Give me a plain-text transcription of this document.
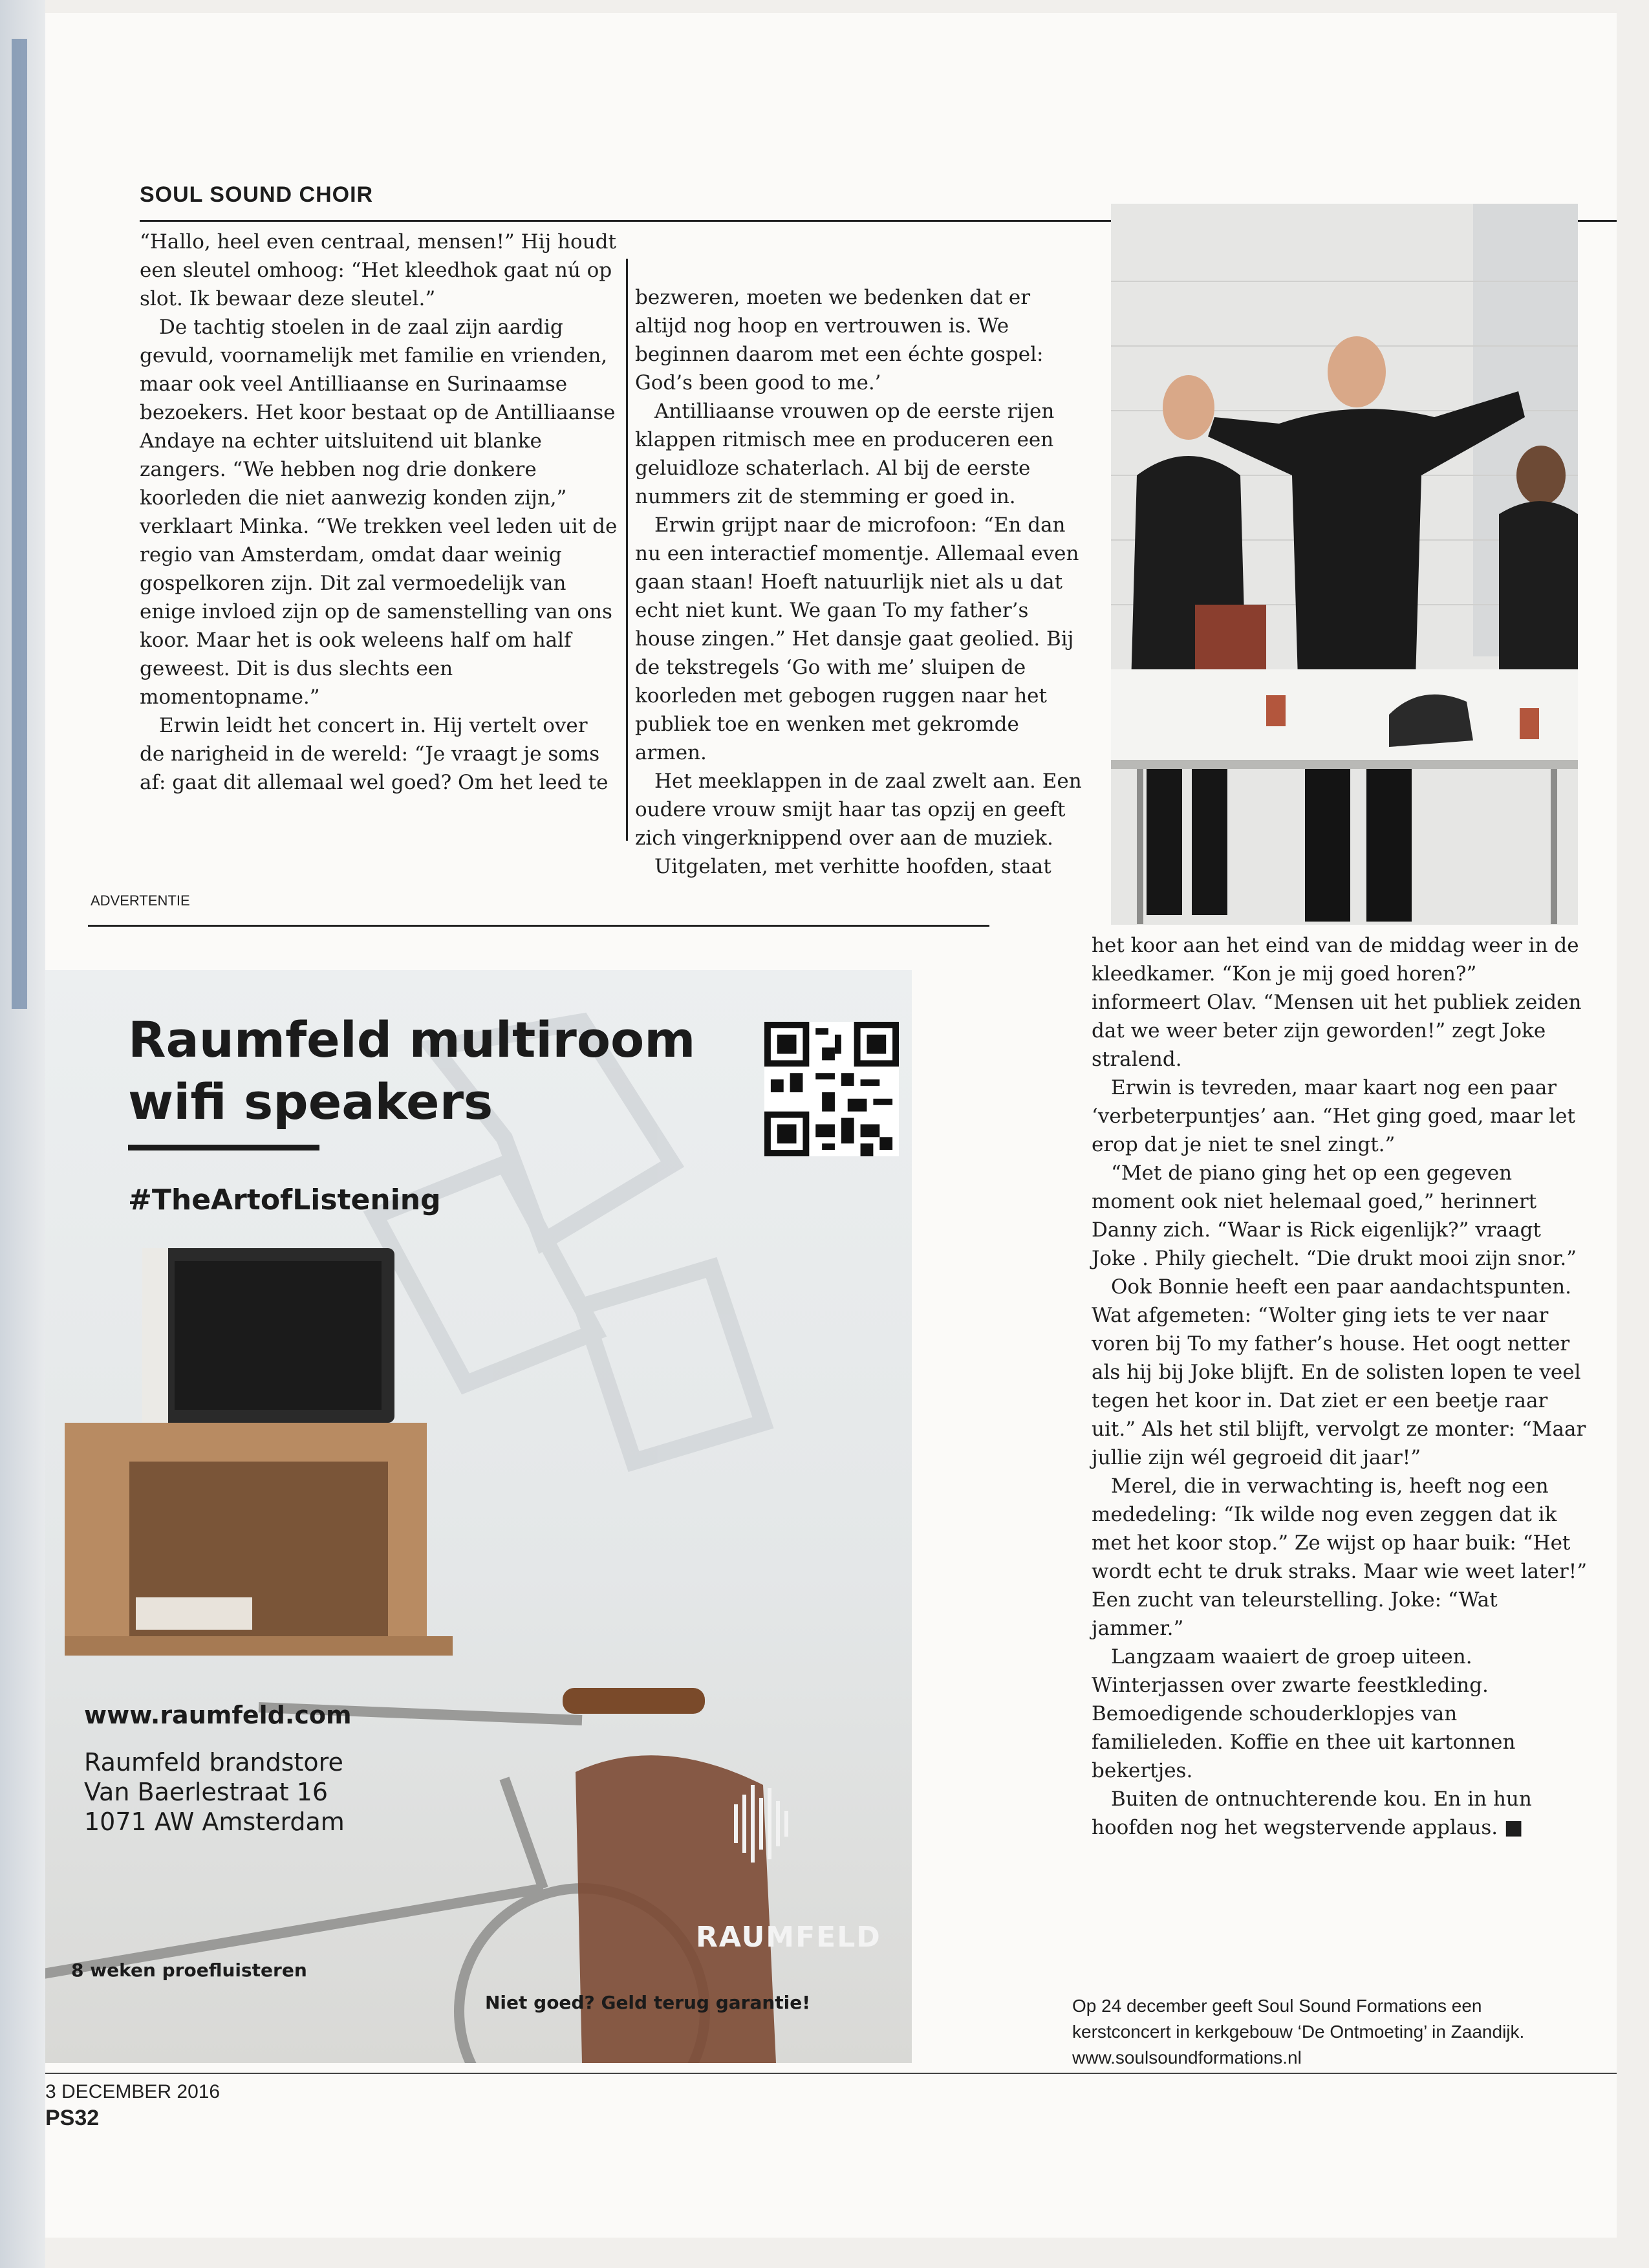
SOUL SOUND CHOIR

“Hallo, heel even centraal, mensen!” Hij houdt een sleutel omhoog: “Het kleedhok gaat nú op slot. Ik bewaar deze sleutel.”

De tachtig stoelen in de zaal zijn aardig gevuld, voornamelijk met familie en vrienden, maar ook veel Antilliaanse en Surinaamse bezoekers. Het koor bestaat op de Antilliaanse Andaye na echter uitsluitend uit blanke zangers. “We hebben nog drie donkere koorleden die niet aanwezig konden zijn,” verklaart Minka. “We trekken veel leden uit de regio van Amsterdam, omdat daar weinig gospelkoren zijn. Dit zal vermoedelijk van enige invloed zijn op de samenstelling van ons koor. Maar het is ook weleens half om half geweest. Dit is dus slechts een momentopname.”

Erwin leidt het concert in. Hij vertelt over de narigheid in de wereld: “Je vraagt je soms af: gaat dit allemaal wel goed? Om het leed te

bezweren, moeten we bedenken dat er altijd nog hoop en vertrouwen is. We beginnen daarom met een échte gospel: God’s been good to me.’

Antilliaanse vrouwen op de eerste rijen klappen ritmisch mee en produceren een geluidloze schaterlach. Al bij de eerste nummers zit de stemming er goed in.

Erwin grijpt naar de microfoon: “En dan nu een interactief momentje. Allemaal even gaan staan! Hoeft natuurlijk niet als u dat echt niet kunt. We gaan To my father’s house zingen.” Het dansje gaat geolied. Bij de tekstregels ‘Go with me’ sluipen de koorleden met gebogen ruggen naar het publiek toe en wenken met gekromde armen.

Het meeklappen in de zaal zwelt aan. Een oudere vrouw smijt haar tas opzij en geeft zich vingerknippend over aan de muziek.

Uitgelaten, met verhitte hoofden, staat

het koor aan het eind van de middag weer in de kleedkamer. “Kon je mij goed horen?” informeert Olav. “Mensen uit het publiek zeiden dat we weer beter zijn geworden!” zegt Joke stralend.

Erwin is tevreden, maar kaart nog een paar ‘verbeterpuntjes’ aan. “Het ging goed, maar let erop dat je niet te snel zingt.”

“Met de piano ging het op een gegeven moment ook niet helemaal goed,” herinnert Danny zich. “Waar is Rick eigenlijk?” vraagt Joke . Phily giechelt. “Die drukt mooi zijn snor.”

Ook Bonnie heeft een paar aandachtspunten. Wat afgemeten: “Wolter ging iets te ver naar voren bij To my father’s house. Het oogt netter als hij bij Joke blijft. En de solisten lopen te veel tegen het koor in. Dat ziet er een beetje raar uit.” Als het stil blijft, vervolgt ze monter: “Maar jullie zijn wél gegroeid dit jaar!”

Merel, die in verwachting is, heeft nog een mededeling: “Ik wilde nog even zeggen dat ik met het koor stop.” Ze wijst op haar buik: “Het wordt echt te druk straks. Maar wie weet later!” Een zucht van teleurstelling. Joke: “Wat jammer.”

Langzaam waaiert de groep uiteen. Winterjassen over zwarte feestkleding. Bemoedigende schouderklopjes van familieleden. Koffie en thee uit kartonnen bekertjes.

Buiten de ontnuchterende kou. En in hun hoofden nog het wegstervende applaus. ■

Op 24 december geeft Soul Sound Formations een kerstconcert in kerkgebouw ‘De Ontmoeting’ in Zaandijk. www.soulsoundformations.nl
ADVERTENTIE
Raumfeld multiroom
wifi speakers
#TheArtofListening
www.raumfeld.com
Raumfeld brandstore
Van Baerlestraat 16
1071 AW Amsterdam
8 weken proefluisteren
Niet goed? Geld terug garantie!
RAUMFELD
3 DECEMBER 2016
PS32
